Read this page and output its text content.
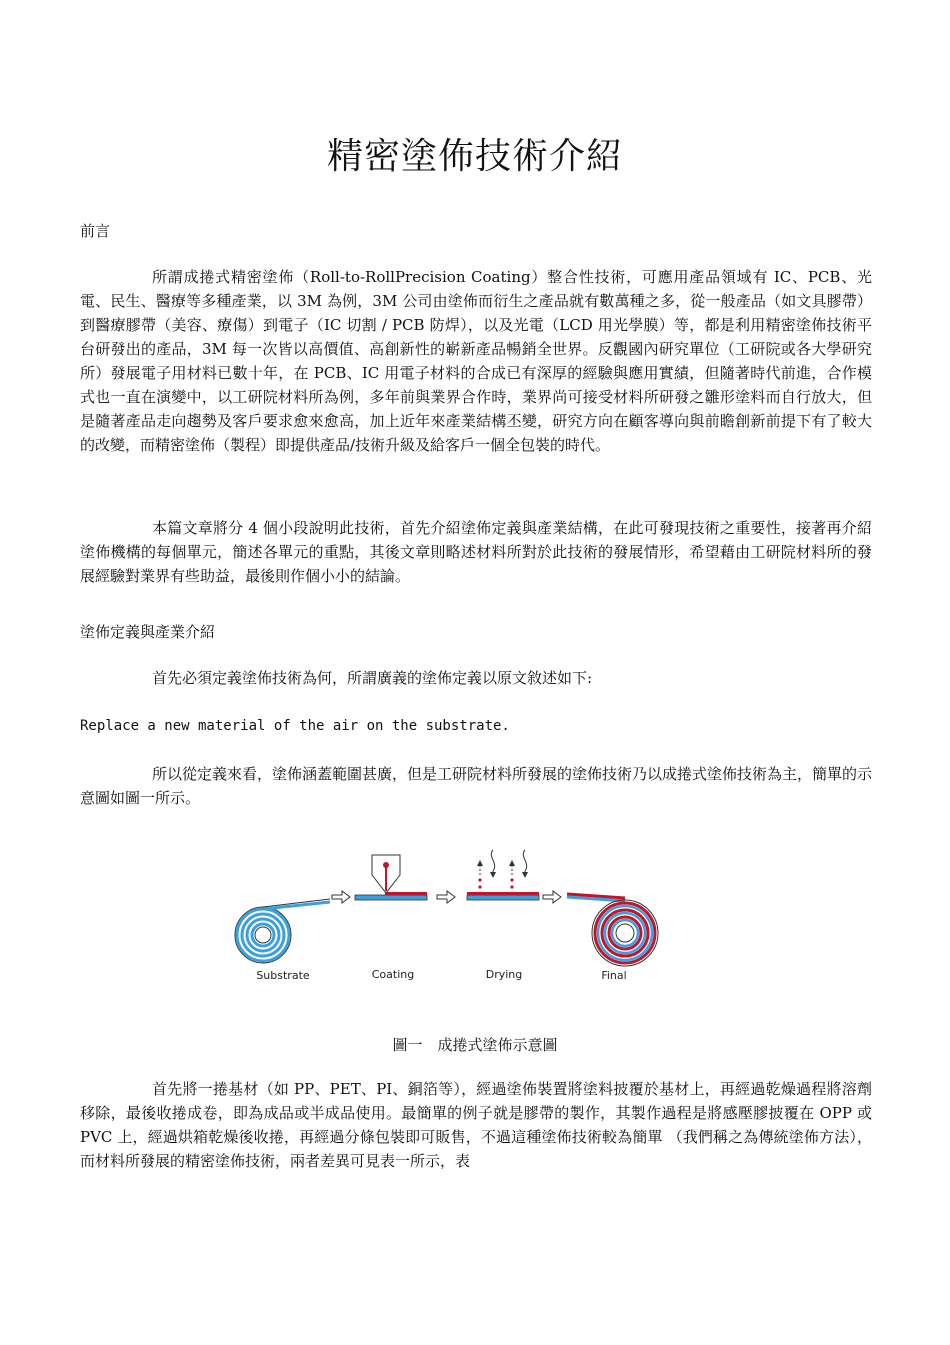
精密塗佈技術介紹

前言

所謂成捲式精密塗佈（Roll-to-RollPrecision Coating）整合性技術，可應用產品領域有 IC、PCB、光電、民生、醫療等多種產業，以 3M 為例，3M 公司由塗佈而衍生之產品就有數萬種之多，從一般產品（如文具膠帶）到醫療膠帶（美容、療傷）到電子（IC 切割 / PCB 防焊），以及光電（LCD 用光學膜）等，都是利用精密塗佈技術平台研發出的產品，3M 每一次皆以高價值、高創新性的嶄新產品暢銷全世界。反觀國內研究單位（工研院或各大學研究所）發展電子用材料已數十年，在 PCB、IC 用電子材料的合成已有深厚的經驗與應用實績，但隨著時代前進，合作模式也一直在演變中，以工研院材料所為例，多年前與業界合作時，業界尚可接受材料所研發之雛形塗料而自行放大，但是隨著產品走向趨勢及客戶要求愈來愈高，加上近年來產業結構丕變，研究方向在顧客導向與前瞻創新前提下有了較大的改變，而精密塗佈（製程）即提供產品/技術升級及給客戶一個全包裝的時代。

本篇文章將分 4 個小段說明此技術，首先介紹塗佈定義與產業結構，在此可發現技術之重要性，接著再介紹塗佈機構的每個單元，簡述各單元的重點，其後文章則略述材料所對於此技術的發展情形，希望藉由工研院材料所的發展經驗對業界有些助益，最後則作個小小的結論。

塗佈定義與產業介紹

首先必須定義塗佈技術為何，所謂廣義的塗佈定義以原文敘述如下:

Replace a new material of the air on the substrate.

所以從定義來看，塗佈涵蓋範圍甚廣，但是工研院材料所發展的塗佈技術乃以成捲式塗佈技術為主，簡單的示意圖如圖一所示。

Substrate	Coating	Drying	Final

圖一　成捲式塗佈示意圖

首先將一捲基材（如 PP、PET、PI、銅箔等），經過塗佈裝置將塗料披覆於基材上，再經過乾燥過程將溶劑移除，最後收捲成卷，即為成品或半成品使用。最簡單的例子就是膠帶的製作，其製作過程是將感壓膠披覆在 OPP 或 PVC 上，經過烘箱乾燥後收捲，再經過分條包裝即可販售，不過這種塗佈技術較為簡單 （我們稱之為傳統塗佈方法），而材料所發展的精密塗佈技術，兩者差異可見表一所示，表
